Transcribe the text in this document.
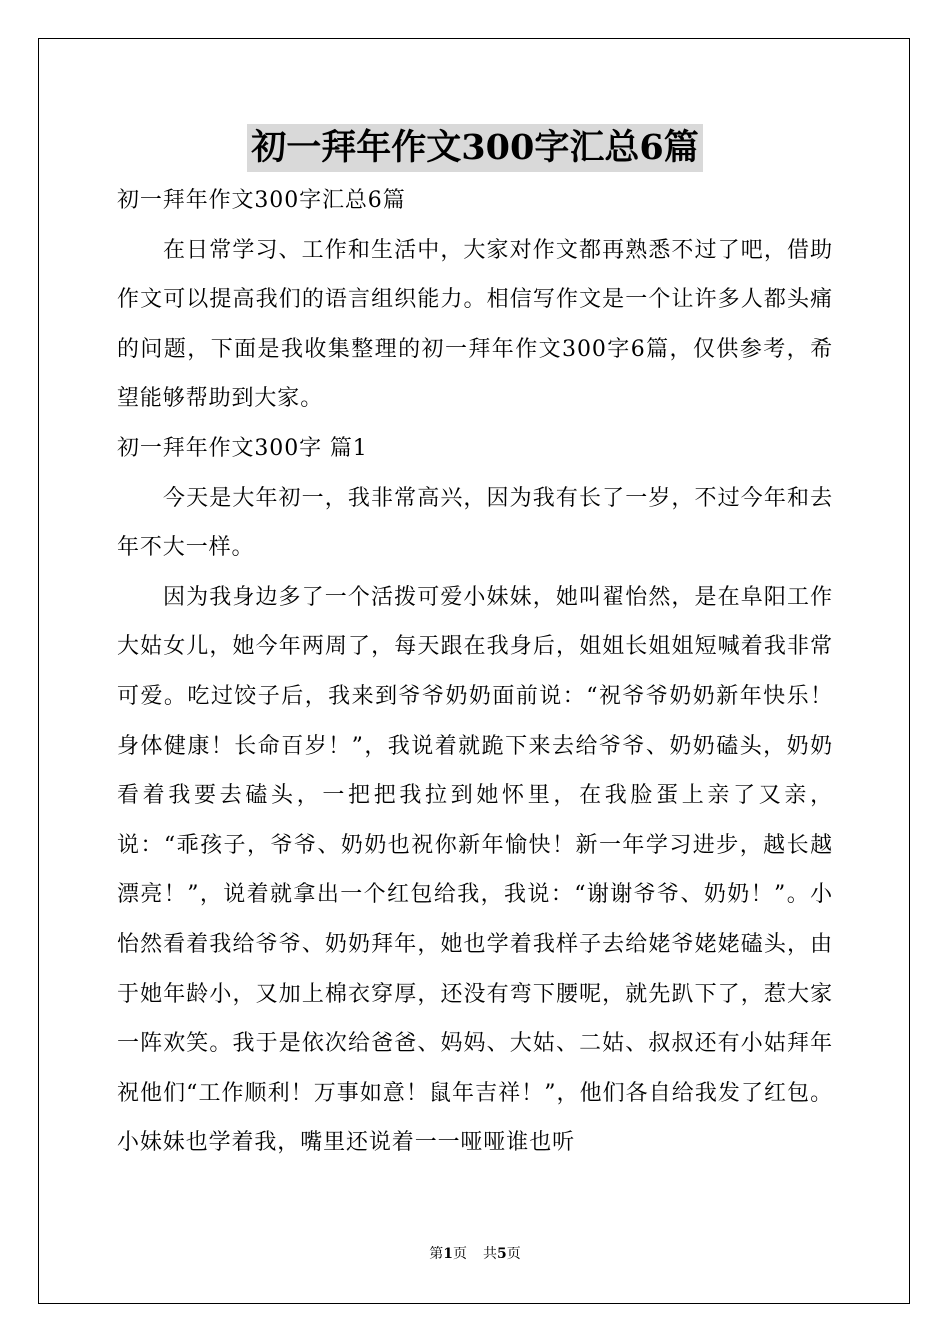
初一拜年作文300字汇总6篇

初一拜年作文300字汇总6篇

在日常学习、工作和生活中，大家对作文都再熟悉不过了吧，借助作文可以提高我们的语言组织能力。相信写作文是一个让许多人都头痛的问题，下面是我收集整理的初一拜年作文300字6篇，仅供参考，希望能够帮助到大家。

初一拜年作文300字 篇1

今天是大年初一，我非常高兴，因为我有长了一岁，不过今年和去年不大一样。

因为我身边多了一个活拨可爱小妹妹，她叫翟怡然，是在阜阳工作大姑女儿，她今年两周了，每天跟在我身后，姐姐长姐姐短喊着我非常可爱。吃过饺子后，我来到爷爷奶奶面前说：“祝爷爷奶奶新年快乐！身体健康！长命百岁！”，我说着就跪下来去给爷爷、奶奶磕头，奶奶看着我要去磕头，一把把我拉到她怀里，在我脸蛋上亲了又亲，说：“乖孩子，爷爷、奶奶也祝你新年愉快！新一年学习进步，越长越漂亮！”，说着就拿出一个红包给我，我说：“谢谢爷爷、奶奶！”。小怡然看着我给爷爷、奶奶拜年，她也学着我样子去给姥爷姥姥磕头，由于她年龄小，又加上棉衣穿厚，还没有弯下腰呢，就先趴下了，惹大家一阵欢笑。我于是依次给爸爸、妈妈、大姑、二姑、叔叔还有小姑拜年祝他们“工作顺利！万事如意！鼠年吉祥！”，他们各自给我发了红包。小妹妹也学着我，嘴里还说着一一哑哑谁也听

第1页 共5页
